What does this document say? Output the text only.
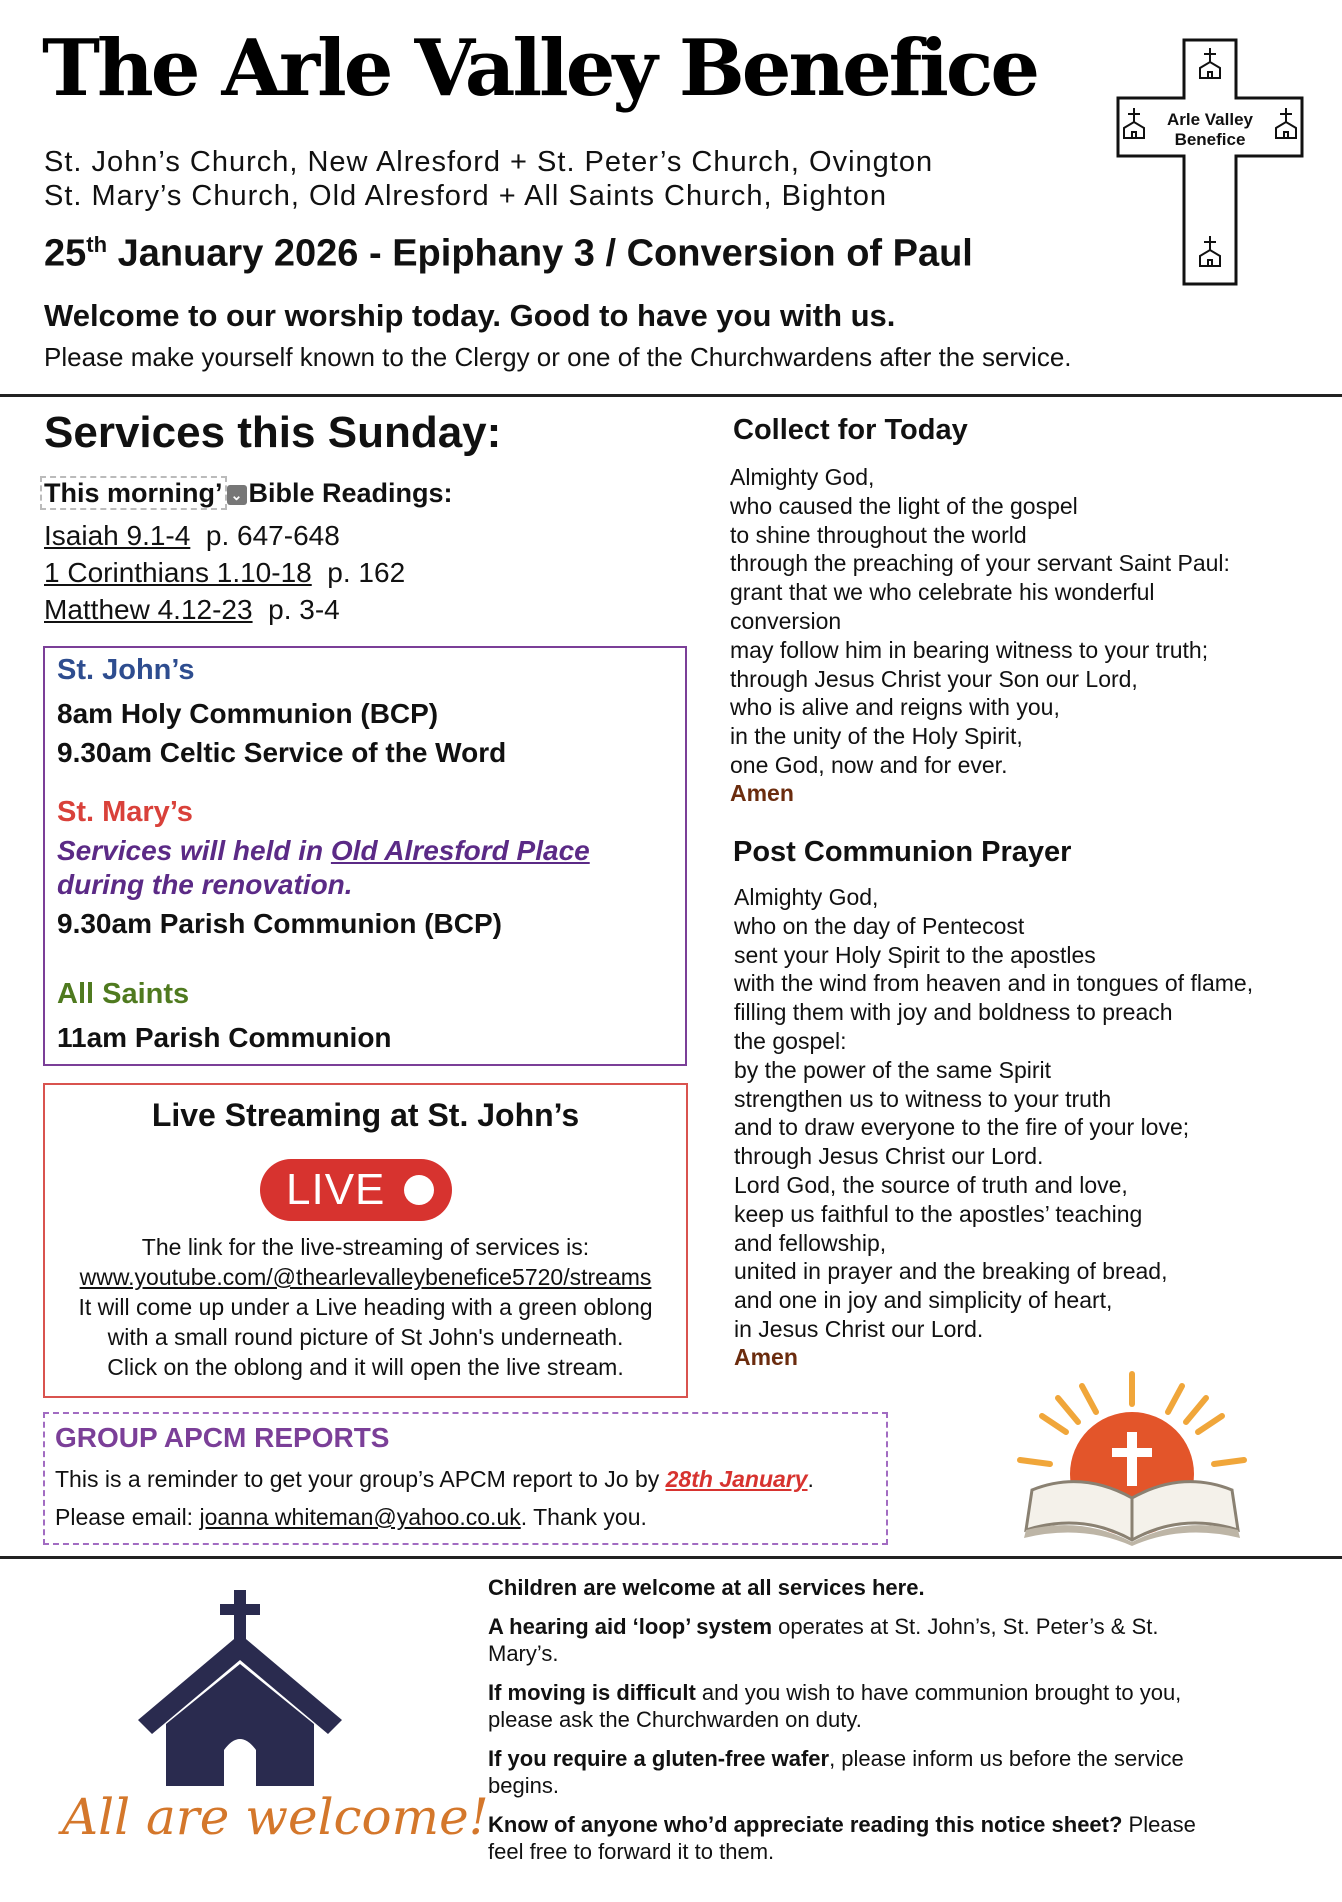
The Arle Valley Benefice
St. John’s Church, New Alresford + St. Peter’s Church, Ovington
St. Mary’s Church, Old Alresford + All Saints Church, Bighton
25th January 2026 - Epiphany 3 / Conversion of Paul
Welcome to our worship today. Good to have you with us.
Please make yourself known to the Clergy or one of the Churchwardens after the service.
Arle Valley
Benefice
Services this Sunday:
This morning’ ⌄ Bible Readings:
Isaiah 9.1-4 p. 647-648
1 Corinthians 1.10-18 p. 162
Matthew 4.12-23 p. 3-4
St. John’s
8am Holy Communion (BCP)
9.30am Celtic Service of the Word
St. Mary’s
Services will held in Old Alresford Place
during the renovation.
9.30am Parish Communion (BCP)
All Saints
11am Parish Communion
Live Streaming at St. John’s
LIVE
The link for the live-streaming of services is:
www.youtube.com/@thearlevalleybenefice5720/streams
It will come up under a Live heading with a green oblong
with a small round picture of St John's underneath.
Click on the oblong and it will open the live stream.
GROUP APCM REPORTS
This is a reminder to get your group’s APCM report to Jo by 28th January.
Please email: joanna whiteman@yahoo.co.uk. Thank you.
Collect for Today
Almighty God,
who caused the light of the gospel
to shine throughout the world
through the preaching of your servant Saint Paul:
grant that we who celebrate his wonderful
conversion
may follow him in bearing witness to your truth;
through Jesus Christ your Son our Lord,
who is alive and reigns with you,
in the unity of the Holy Spirit,
one God, now and for ever.
Amen
Post Communion Prayer
Almighty God,
who on the day of Pentecost
sent your Holy Spirit to the apostles
with the wind from heaven and in tongues of flame,
filling them with joy and boldness to preach
the gospel:
by the power of the same Spirit
strengthen us to witness to your truth
and to draw everyone to the fire of your love;
through Jesus Christ our Lord.
Lord God, the source of truth and love,
keep us faithful to the apostles’ teaching
and fellowship,
united in prayer and the breaking of bread,
and one in joy and simplicity of heart,
in Jesus Christ our Lord.
Amen
All are welcome!

Children are welcome at all services here.

A hearing aid ‘loop’ system operates at St. John’s, St. Peter’s & St. Mary’s.

If moving is difficult and you wish to have communion brought to you, please ask the Churchwarden on duty.

If you require a gluten-free wafer, please inform us before the service begins.

Know of anyone who’d appreciate reading this notice sheet? Please feel free to forward it to them.
